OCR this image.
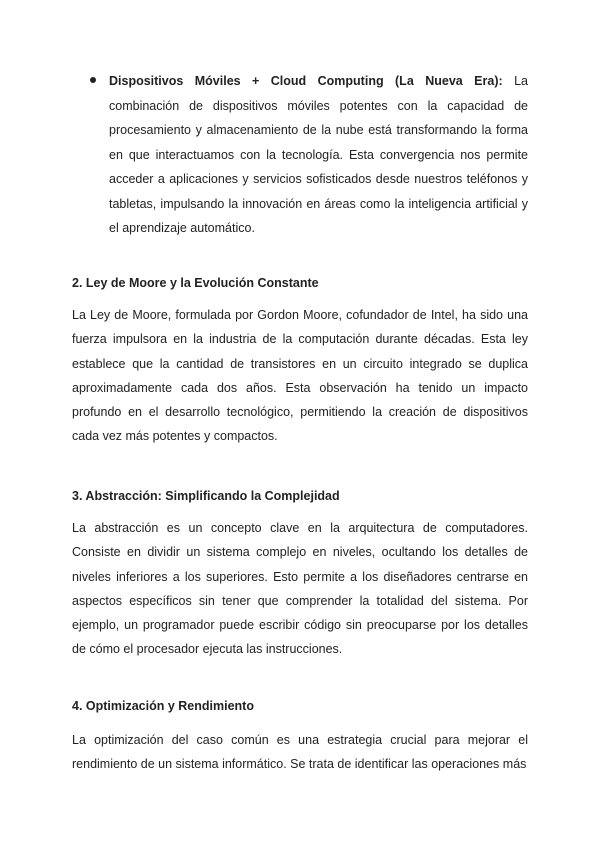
Dispositivos Móviles + Cloud Computing (La Nueva Era): La combinación de dispositivos móviles potentes con la capacidad de procesamiento y almacenamiento de la nube está transformando la forma en que interactuamos con la tecnología. Esta convergencia nos permite acceder a aplicaciones y servicios sofisticados desde nuestros teléfonos y tabletas, impulsando la innovación en áreas como la inteligencia artificial y el aprendizaje automático.
2. Ley de Moore y la Evolución Constante

La Ley de Moore, formulada por Gordon Moore, cofundador de Intel, ha sido una fuerza impulsora en la industria de la computación durante décadas. Esta ley establece que la cantidad de transistores en un circuito integrado se duplica aproximadamente cada dos años. Esta observación ha tenido un impacto profundo en el desarrollo tecnológico, permitiendo la creación de dispositivos cada vez más potentes y compactos.

3. Abstracción: Simplificando la Complejidad

La abstracción es un concepto clave en la arquitectura de computadores. Consiste en dividir un sistema complejo en niveles, ocultando los detalles de niveles inferiores a los superiores. Esto permite a los diseñadores centrarse en aspectos específicos sin tener que comprender la totalidad del sistema. Por ejemplo, un programador puede escribir código sin preocuparse por los detalles de cómo el procesador ejecuta las instrucciones.

4. Optimización y Rendimiento

La optimización del caso común es una estrategia crucial para mejorar el rendimiento de un sistema informático. Se trata de identificar las operaciones más
